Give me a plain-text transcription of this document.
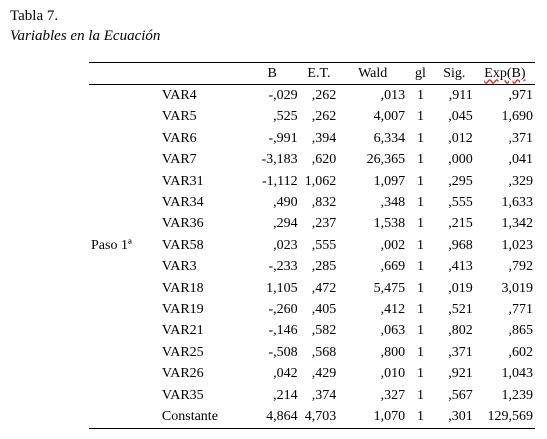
Tabla 7.
Variables en la Ecuación
		B	E.T.	Wald	gl	Sig.	Exp(B)
Paso 1ª	VAR4	-,029	,262	,013	1	,911	,971
	VAR5	,525	,262	4,007	1	,045	1,690
	VAR6	-,991	,394	6,334	1	,012	,371
	VAR7	-3,183	,620	26,365	1	,000	,041
	VAR31	-1,112	1,062	1,097	1	,295	,329
	VAR34	,490	,832	,348	1	,555	1,633
	VAR36	,294	,237	1,538	1	,215	1,342
	VAR58	,023	,555	,002	1	,968	1,023
	VAR3	-,233	,285	,669	1	,413	,792
	VAR18	1,105	,472	5,475	1	,019	3,019
	VAR19	-,260	,405	,412	1	,521	,771
	VAR21	-,146	,582	,063	1	,802	,865
	VAR25	-,508	,568	,800	1	,371	,602
	VAR26	,042	,429	,010	1	,921	1,043
	VAR35	,214	,374	,327	1	,567	1,239
	Constante	4,864	4,703	1,070	1	,301	129,569
